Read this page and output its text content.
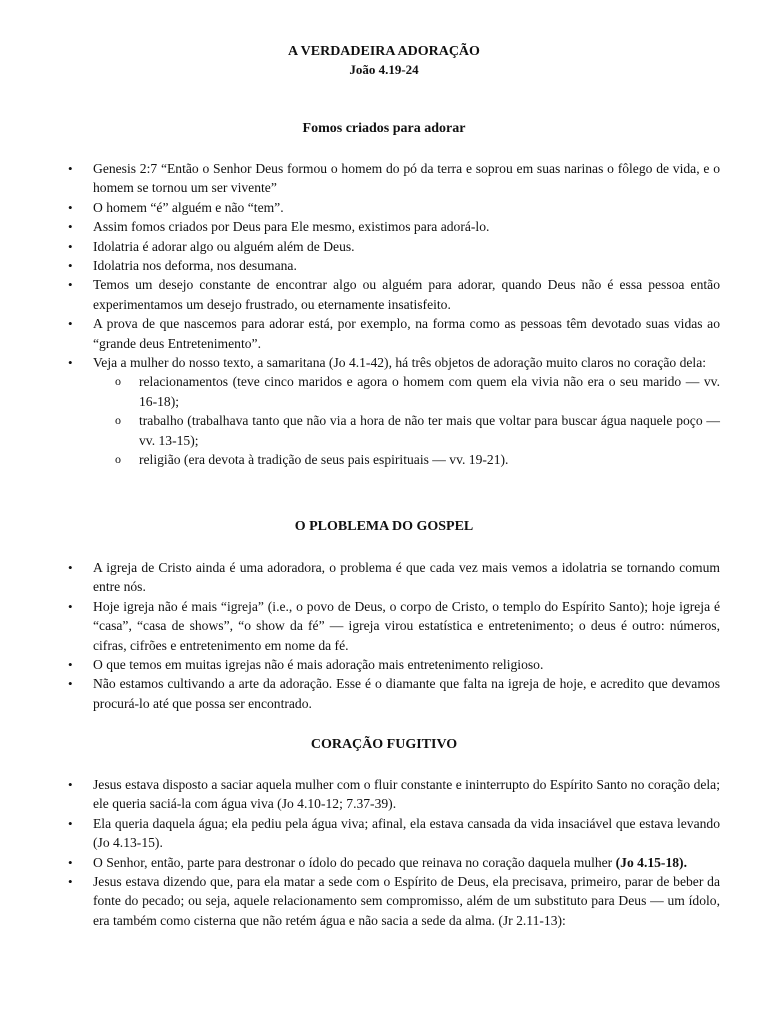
A VERDADEIRA ADORAÇÃO
João 4.19-24
Fomos criados para adorar
• Genesis 2:7 “Então o Senhor Deus formou o homem do pó da terra e soprou em suas narinas o fôlego de vida, e o homem se tornou um ser vivente”
• O homem “é” alguém e não “tem”.
• Assim fomos criados por Deus para Ele mesmo, existimos para adorá-lo.
• Idolatria é adorar algo ou alguém além de Deus.
• Idolatria nos deforma, nos desumana.
• Temos um desejo constante de encontrar algo ou alguém para adorar, quando Deus não é essa pessoa então experimentamos um desejo frustrado, ou eternamente insatisfeito.
• A prova de que nascemos para adorar está, por exemplo, na forma como as pessoas têm devotado suas vidas ao “grande deus Entretenimento”.
• Veja a mulher do nosso texto, a samaritana (Jo 4.1-42), há três objetos de adoração muito claros no coração dela:
o relacionamentos (teve cinco maridos e agora o homem com quem ela vivia não era o seu marido — vv. 16-18);
o trabalho (trabalhava tanto que não via a hora de não ter mais que voltar para buscar água naquele poço — vv. 13-15);
o religião (era devota à tradição de seus pais espirituais — vv. 19-21).
O PLOBLEMA DO GOSPEL
• A igreja de Cristo ainda é uma adoradora, o problema é que cada vez mais vemos a idolatria se tornando comum entre nós.
• Hoje igreja não é mais “igreja” (i.e., o povo de Deus, o corpo de Cristo, o templo do Espírito Santo); hoje igreja é “casa”, “casa de shows”, “o show da fé” — igreja virou estatística e entretenimento; o deus é outro: números, cifras, cifrões e entretenimento em nome da fé.
• O que temos em muitas igrejas não é mais adoração mais entretenimento religioso.
• Não estamos cultivando a arte da adoração. Esse é o diamante que falta na igreja de hoje, e acredito que devamos procurá-lo até que possa ser encontrado.
CORAÇÃO FUGITIVO
• Jesus estava disposto a saciar aquela mulher com o fluir constante e ininterrupto do Espírito Santo no coração dela; ele queria saciá-la com água viva (Jo 4.10-12; 7.37-39).
• Ela queria daquela água; ela pediu pela água viva; afinal, ela estava cansada da vida insaciável que estava levando (Jo 4.13-15).
• O Senhor, então, parte para destronar o ídolo do pecado que reinava no coração daquela mulher (Jo 4.15-18).
• Jesus estava dizendo que, para ela matar a sede com o Espírito de Deus, ela precisava, primeiro, parar de beber da fonte do pecado; ou seja, aquele relacionamento sem compromisso, além de um substituto para Deus — um ídolo, era também como cisterna que não retém água e não sacia a sede da alma. (Jr 2.11-13):
